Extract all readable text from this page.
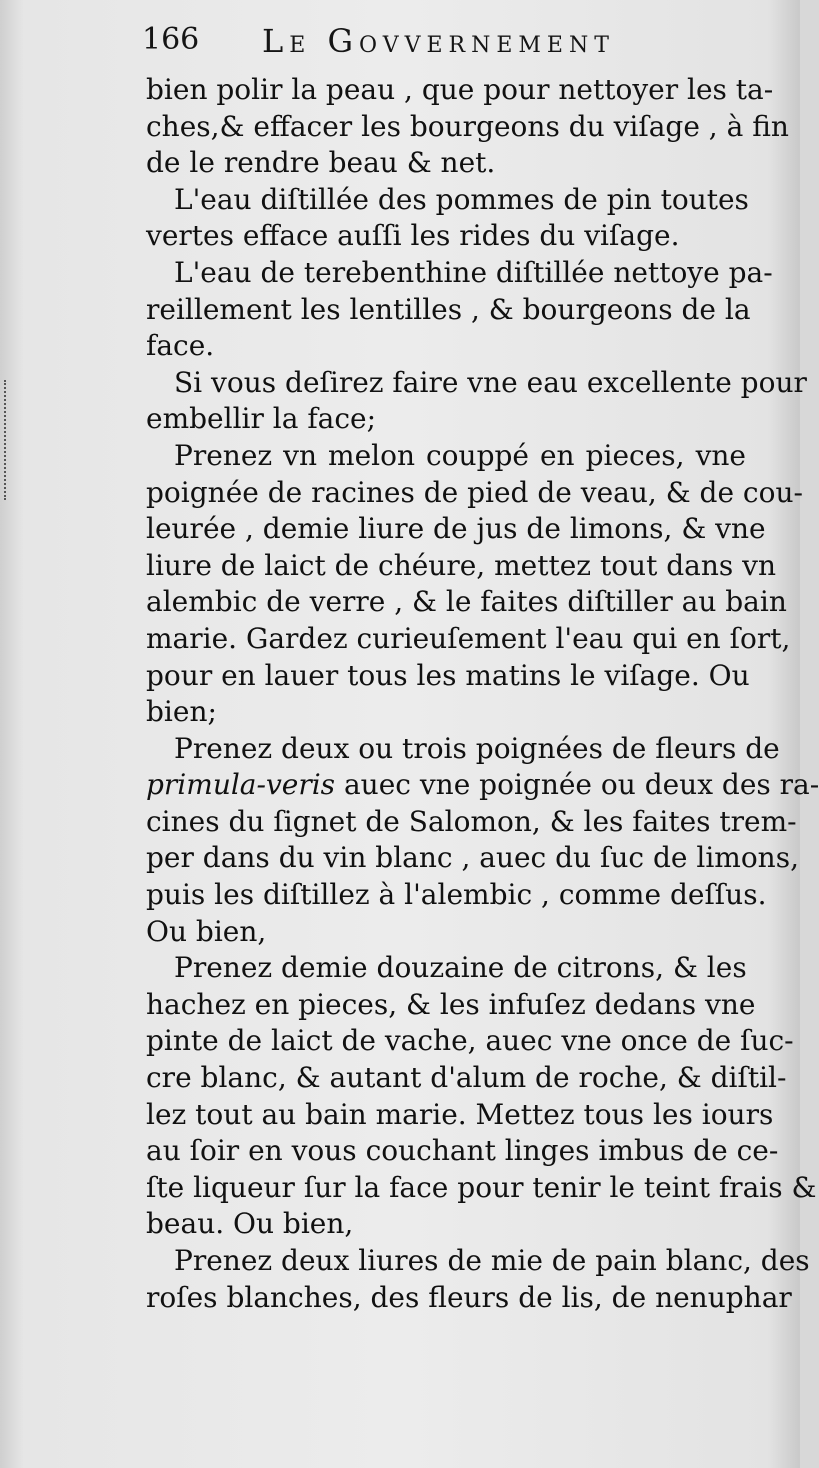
166 Le Govvernement
bien polir la peau , que pour nettoyer les ta-
ches,& effacer les bourgeons du viſage , à fin
de le rendre beau & net.
L'eau diſtillée des pommes de pin toutes
vertes efface auſſi les rides du viſage.
L'eau de terebenthine diſtillée nettoye pa-
reillement les lentilles , & bourgeons de la
face.
Si vous deſirez faire vne eau excellente pour
embellir la face;
Prenez vn melon couppé en pieces, vne
poignée de racines de pied de veau, & de cou-
leurée , demie liure de jus de limons, & vne
liure de laict de chéure, mettez tout dans vn
alembic de verre , & le faites diſtiller au bain
marie. Gardez curieuſement l'eau qui en ſort,
pour en lauer tous les matins le viſage. Ou
bien;
Prenez deux ou trois poignées de fleurs de
primula-veris auec vne poignée ou deux des ra-
cines du ſignet de Salomon, & les faites trem-
per dans du vin blanc , auec du ſuc de limons,
puis les diſtillez à l'alembic , comme deſſus.
Ou bien,
Prenez demie douzaine de citrons, & les
hachez en pieces, & les infuſez dedans vne
pinte de laict de vache, auec vne once de ſuc-
cre blanc, & autant d'alum de roche, & diſtil-
lez tout au bain marie. Mettez tous les iours
au ſoir en vous couchant linges imbus de ce-
ſte liqueur ſur la face pour tenir le teint frais &
beau. Ou bien,
Prenez deux liures de mie de pain blanc, des
roſes blanches, des fleurs de lis, de nenuphar
